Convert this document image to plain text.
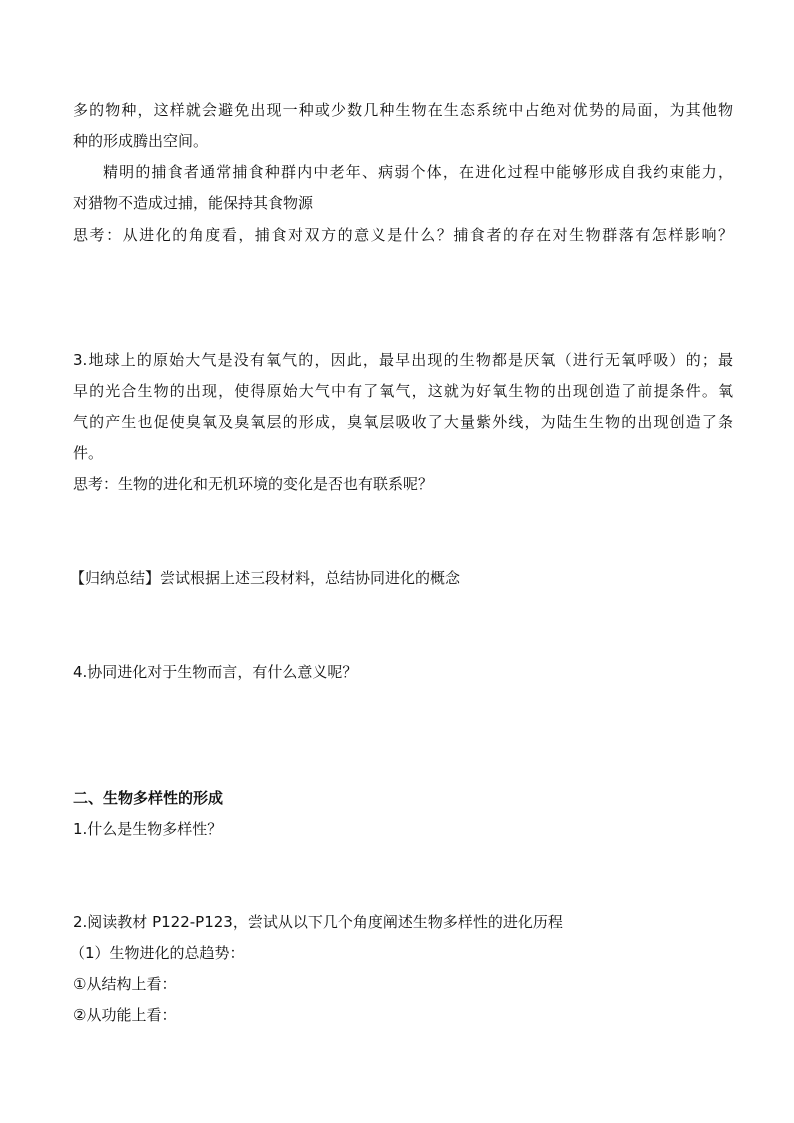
多的物种，这样就会避免出现一种或少数几种生物在生态系统中占绝对优势的局面，为其他物
种的形成腾出空间。
精明的捕食者通常捕食种群内中老年、病弱个体，在进化过程中能够形成自我约束能力，
对猎物不造成过捕，能保持其食物源
思考：从进化的角度看，捕食对双方的意义是什么？捕食者的存在对生物群落有怎样影响？
3.地球上的原始大气是没有氧气的，因此，最早出现的生物都是厌氧（进行无氧呼吸）的；最
早的光合生物的出现，使得原始大气中有了氧气，这就为好氧生物的出现创造了前提条件。氧
气的产生也促使臭氧及臭氧层的形成，臭氧层吸收了大量紫外线，为陆生生物的出现创造了条
件。
思考：生物的进化和无机环境的变化是否也有联系呢？
【归纳总结】尝试根据上述三段材料，总结协同进化的概念
4.协同进化对于生物而言，有什么意义呢？
二、生物多样性的形成
1.什么是生物多样性？
2.阅读教材 P122-P123，尝试从以下几个角度阐述生物多样性的进化历程
（1）生物进化的总趋势：
①从结构上看：
②从功能上看：
